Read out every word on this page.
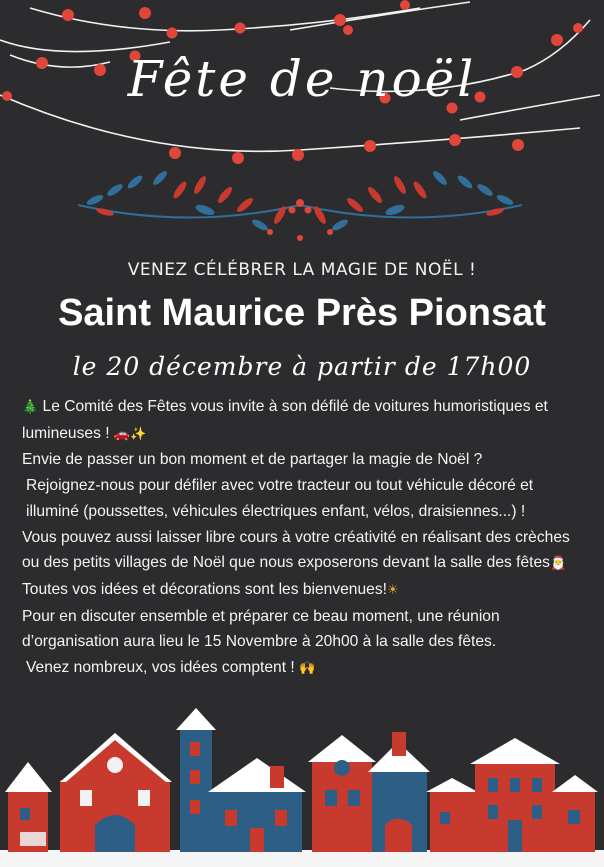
Fête de noël
VENEZ CÉLÉBRER LA MAGIE DE NOËL !
Saint Maurice Près Pionsat
le 20 décembre à partir de 17h00

🎄 Le Comité des Fêtes vous invite à son défilé de voitures humoristiques et lumineuses ! 🚗✨

Envie de passer un bon moment et de partager la magie de Noël ?

Rejoignez-nous pour défiler avec votre tracteur ou tout véhicule décoré et illuminé (poussettes, véhicules électriques enfant, vélos, draisiennes...) !

Vous pouvez aussi laisser libre cours à votre créativité en réalisant des crèches ou des petits villages de Noël que nous exposerons devant la salle des fêtes🎅

Toutes vos idées et décorations sont les bienvenues!☀

Pour en discuter ensemble et préparer ce beau moment, une réunion d’organisation aura lieu le 15 Novembre à 20h00 à la salle des fêtes.

Venez nombreux, vos idées comptent ! 🙌
